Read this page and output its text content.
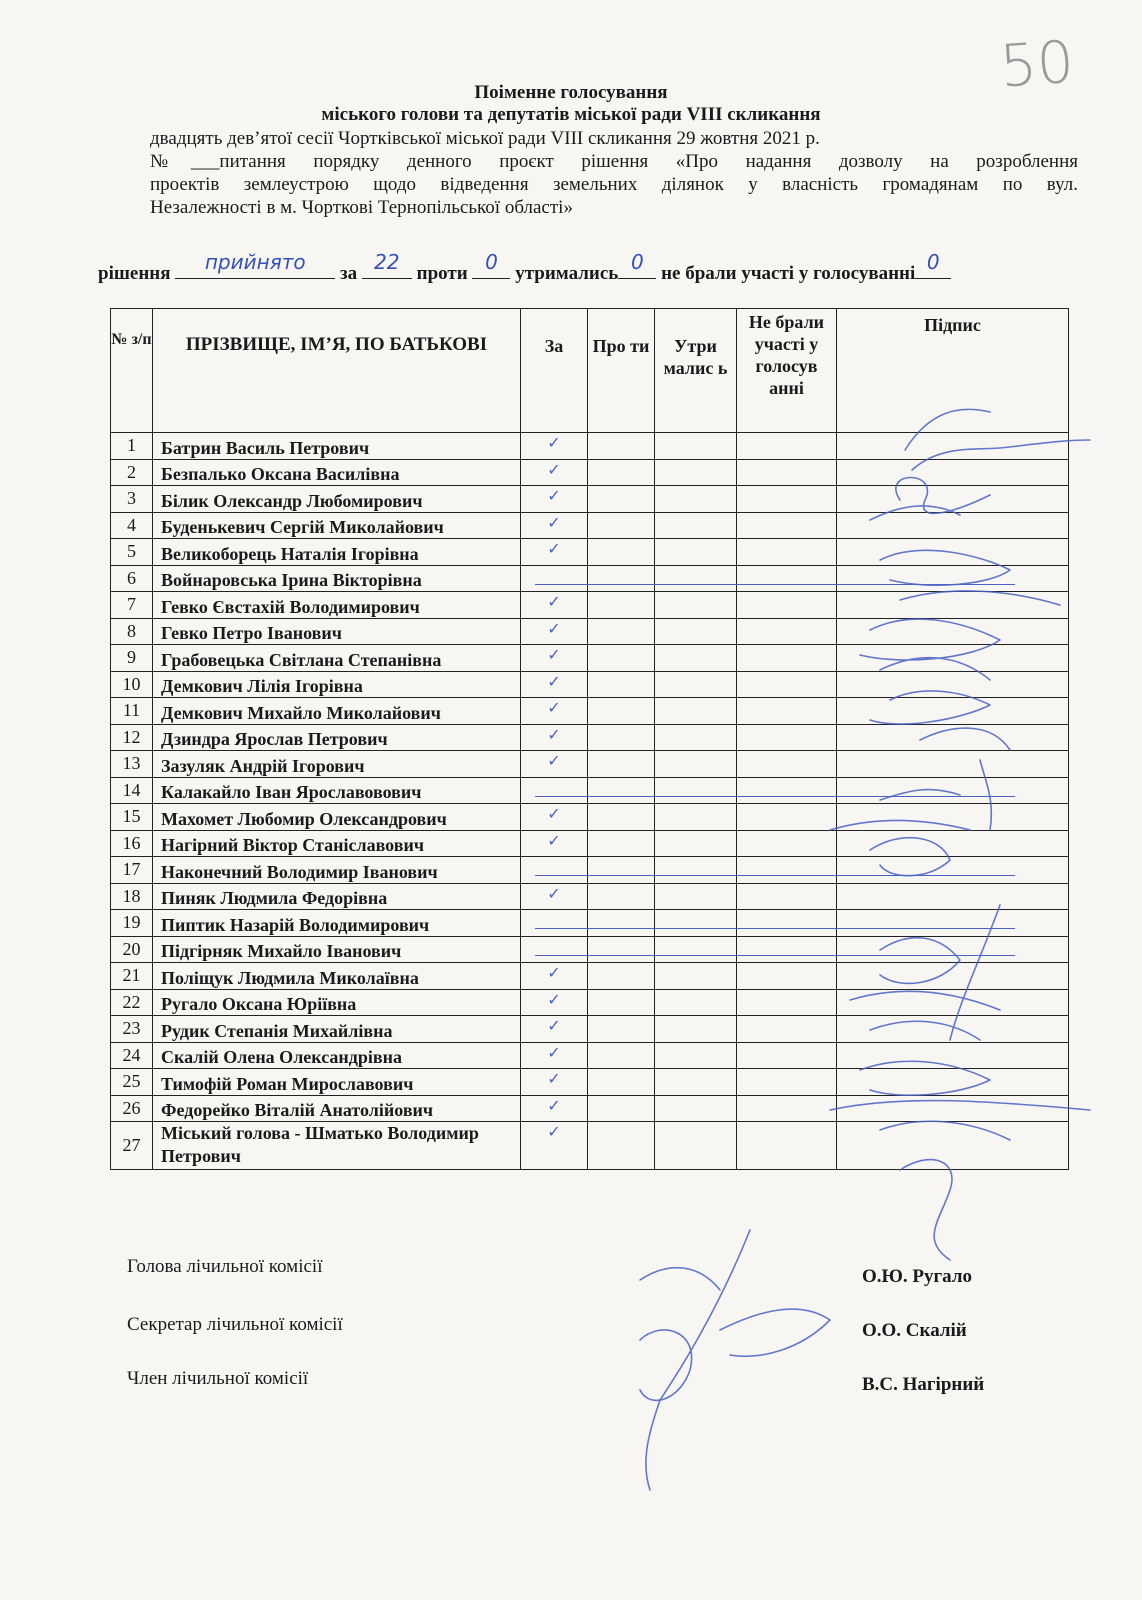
50
Поіменне голосування
міського голови та депутатів міської ради VIII скликання
двадцять дев’ятої сесії Чортківської міської ради VIII скликання 29 жовтня 2021 р.
№___питання порядку денного проєкт рішення «Про надання дозволу на розроблення
проектів землеустрою щодо відведення земельних ділянок у власність громадянам по вул.
Незалежності в м. Чорткові Тернопільської області»
рішення	прийнято	за 22 проти 0 утримались 0 не брали участі у голосуванні 0
№ з/п	ПРІЗВИЩЕ, ІМ’Я, ПО БАТЬКОВІ	За	Про ти	Утри малис ь	Не брали участі у голосув анні	Підпис
1	Батрин Василь Петрович	✓				
2	Безпалько Оксана Василівна	✓				
3	Білик Олександр Любомирович	✓				
4	Буденькевич Сергій Миколайович	✓				
5	Великоборець Наталія Ігорівна	✓				
6	Войнаровська Ірина Вікторівна					
7	Гевко Євстахій Володимирович	✓				
8	Гевко Петро Іванович	✓				
9	Грабовецька Світлана Степанівна	✓				
10	Демкович Лілія Ігорівна	✓				
11	Демкович Михайло Миколайович	✓				
12	Дзиндра Ярослав Петрович	✓				
13	Зазуляк Андрій Ігорович	✓				
14	Калакайло Іван Ярославовович					
15	Махомет Любомир Олександрович	✓				
16	Нагірний Віктор Станіславович	✓				
17	Наконечний Володимир Іванович					
18	Пиняк Людмила Федорівна	✓				
19	Пиптик Назарій Володимирович					
20	Підгірняк Михайло Іванович					
21	Поліщук Людмила Миколаївна	✓				
22	Ругало Оксана Юріївна	✓				
23	Рудик Степанія Михайлівна	✓				
24	Скалій Олена Олександрівна	✓				
25	Тимофій Роман Мирославович	✓				
26	Федорейко Віталій Анатолійович	✓				
27	Міський голова - Шматько Володимир Петрович	✓				
Голова лічильної комісії	О.Ю. Ругало
Секретар лічильної комісії	О.О. Скалій
Член лічильної комісії	В.С. Нагірний
